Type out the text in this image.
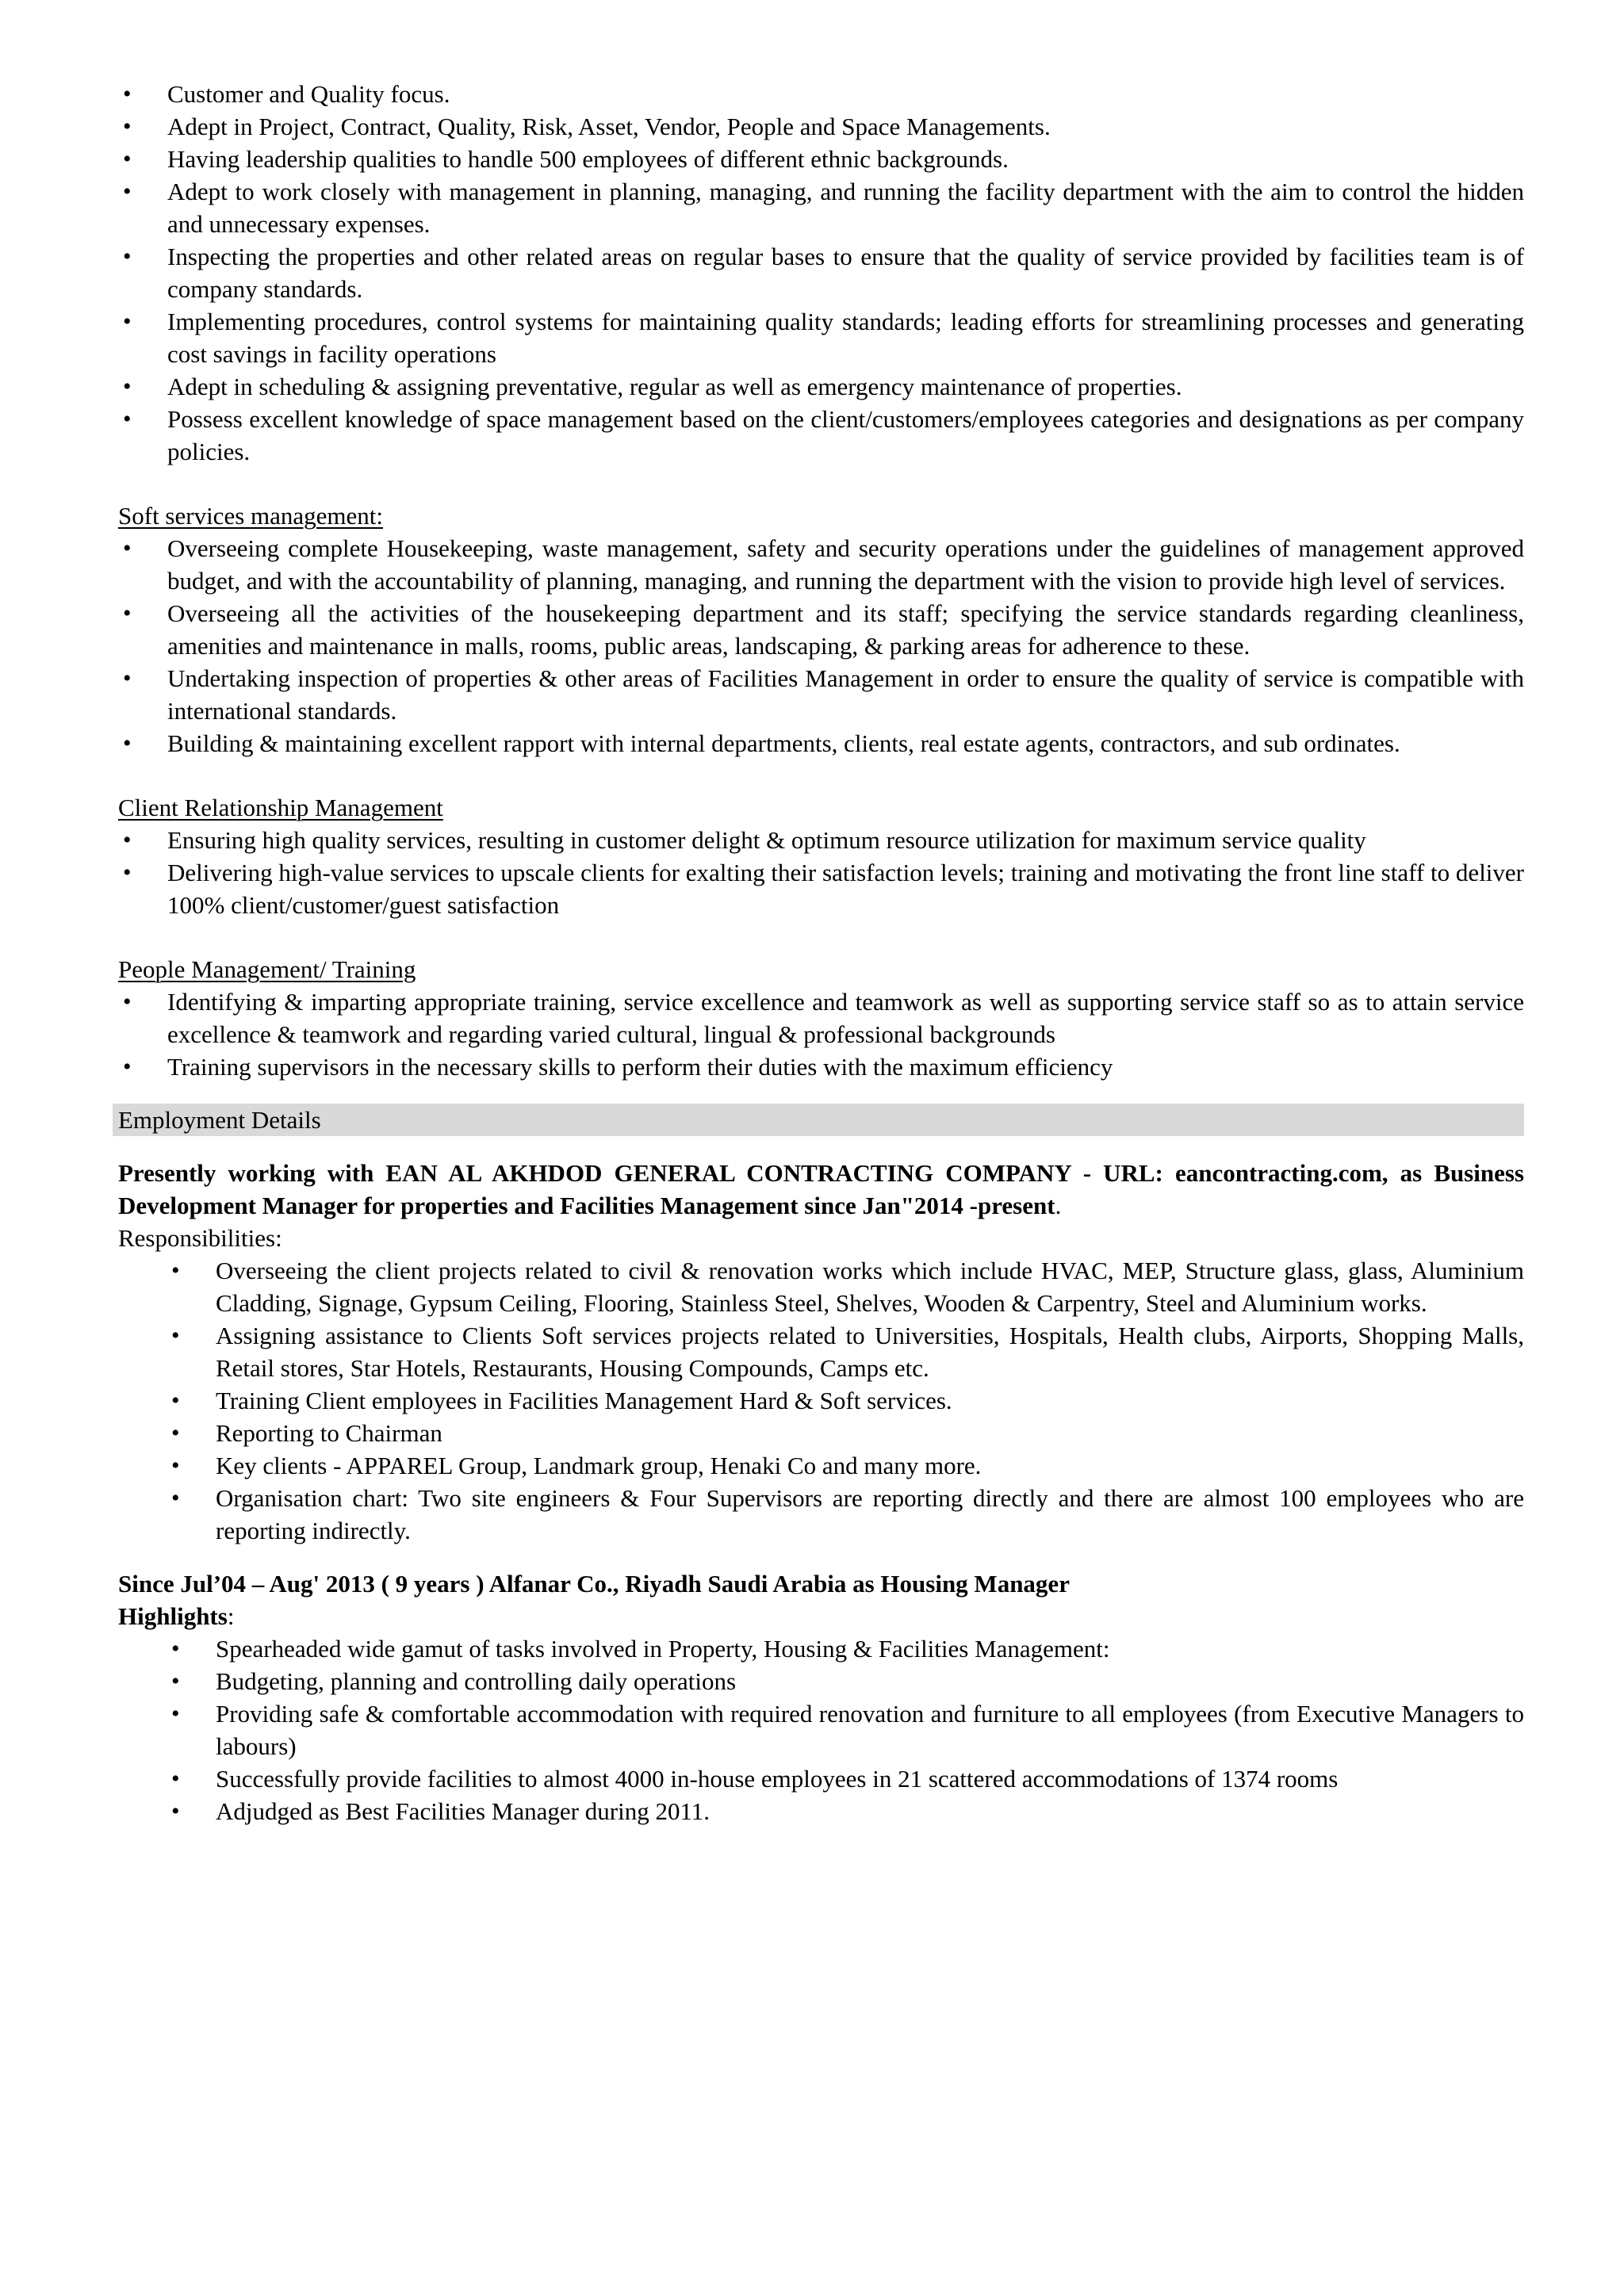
• Customer and Quality focus.
• Adept in Project, Contract, Quality, Risk, Asset, Vendor, People and Space Managements.
• Having leadership qualities to handle 500 employees of different ethnic backgrounds.
• Adept to work closely with management in planning, managing, and running the facility department with the aim to control the hidden and unnecessary expenses.
• Inspecting the properties and other related areas on regular bases to ensure that the quality of service provided by facilities team is of company standards.
• Implementing procedures, control systems for maintaining quality standards; leading efforts for streamlining processes and generating cost savings in facility operations
• Adept in scheduling & assigning preventative, regular as well as emergency maintenance of properties.
• Possess excellent knowledge of space management based on the client/customers/employees categories and designations as per company policies.
Soft services management:
• Overseeing complete Housekeeping, waste management, safety and security operations under the guidelines of management approved budget, and with the accountability of planning, managing, and running the department with the vision to provide high level of services.
• Overseeing all the activities of the housekeeping department and its staff; specifying the service standards regarding cleanliness, amenities and maintenance in malls, rooms, public areas, landscaping, & parking areas for adherence to these.
• Undertaking inspection of properties & other areas of Facilities Management in order to ensure the quality of service is compatible with international standards.
• Building & maintaining excellent rapport with internal departments, clients, real estate agents, contractors, and sub ordinates.
Client Relationship Management
• Ensuring high quality services, resulting in customer delight & optimum resource utilization for maximum service quality
• Delivering high-value services to upscale clients for exalting their satisfaction levels; training and motivating the front line staff to deliver 100% client/customer/guest satisfaction
People Management/ Training
• Identifying & imparting appropriate training, service excellence and teamwork as well as supporting service staff so as to attain service excellence & teamwork and regarding varied cultural, lingual & professional backgrounds
• Training supervisors in the necessary skills to perform their duties with the maximum efficiency
Employment Details
Presently working with EAN AL AKHDOD GENERAL CONTRACTING COMPANY - URL: eancontracting.com, as Business Development Manager for properties and Facilities Management since Jan"2014 -present.
Responsibilities:
• Overseeing the client projects related to civil & renovation works which include HVAC, MEP, Structure glass, glass, Aluminium Cladding, Signage, Gypsum Ceiling, Flooring, Stainless Steel, Shelves, Wooden & Carpentry, Steel and Aluminium works.
• Assigning assistance to Clients Soft services projects related to Universities, Hospitals, Health clubs, Airports, Shopping Malls, Retail stores, Star Hotels, Restaurants, Housing Compounds, Camps etc.
• Training Client employees in Facilities Management Hard & Soft services.
• Reporting to Chairman
• Key clients - APPAREL Group, Landmark group, Henaki Co and many more.
• Organisation chart: Two site engineers & Four Supervisors are reporting directly and there are almost 100 employees who are reporting indirectly.
Since Jul’04 – Aug' 2013 ( 9 years ) Alfanar Co., Riyadh Saudi Arabia as Housing Manager
Highlights:
• Spearheaded wide gamut of tasks involved in Property, Housing & Facilities Management:
• Budgeting, planning and controlling daily operations
• Providing safe & comfortable accommodation with required renovation and furniture to all employees (from Executive Managers to labours)
• Successfully provide facilities to almost 4000 in-house employees in 21 scattered accommodations of 1374 rooms
• Adjudged as Best Facilities Manager during 2011.
